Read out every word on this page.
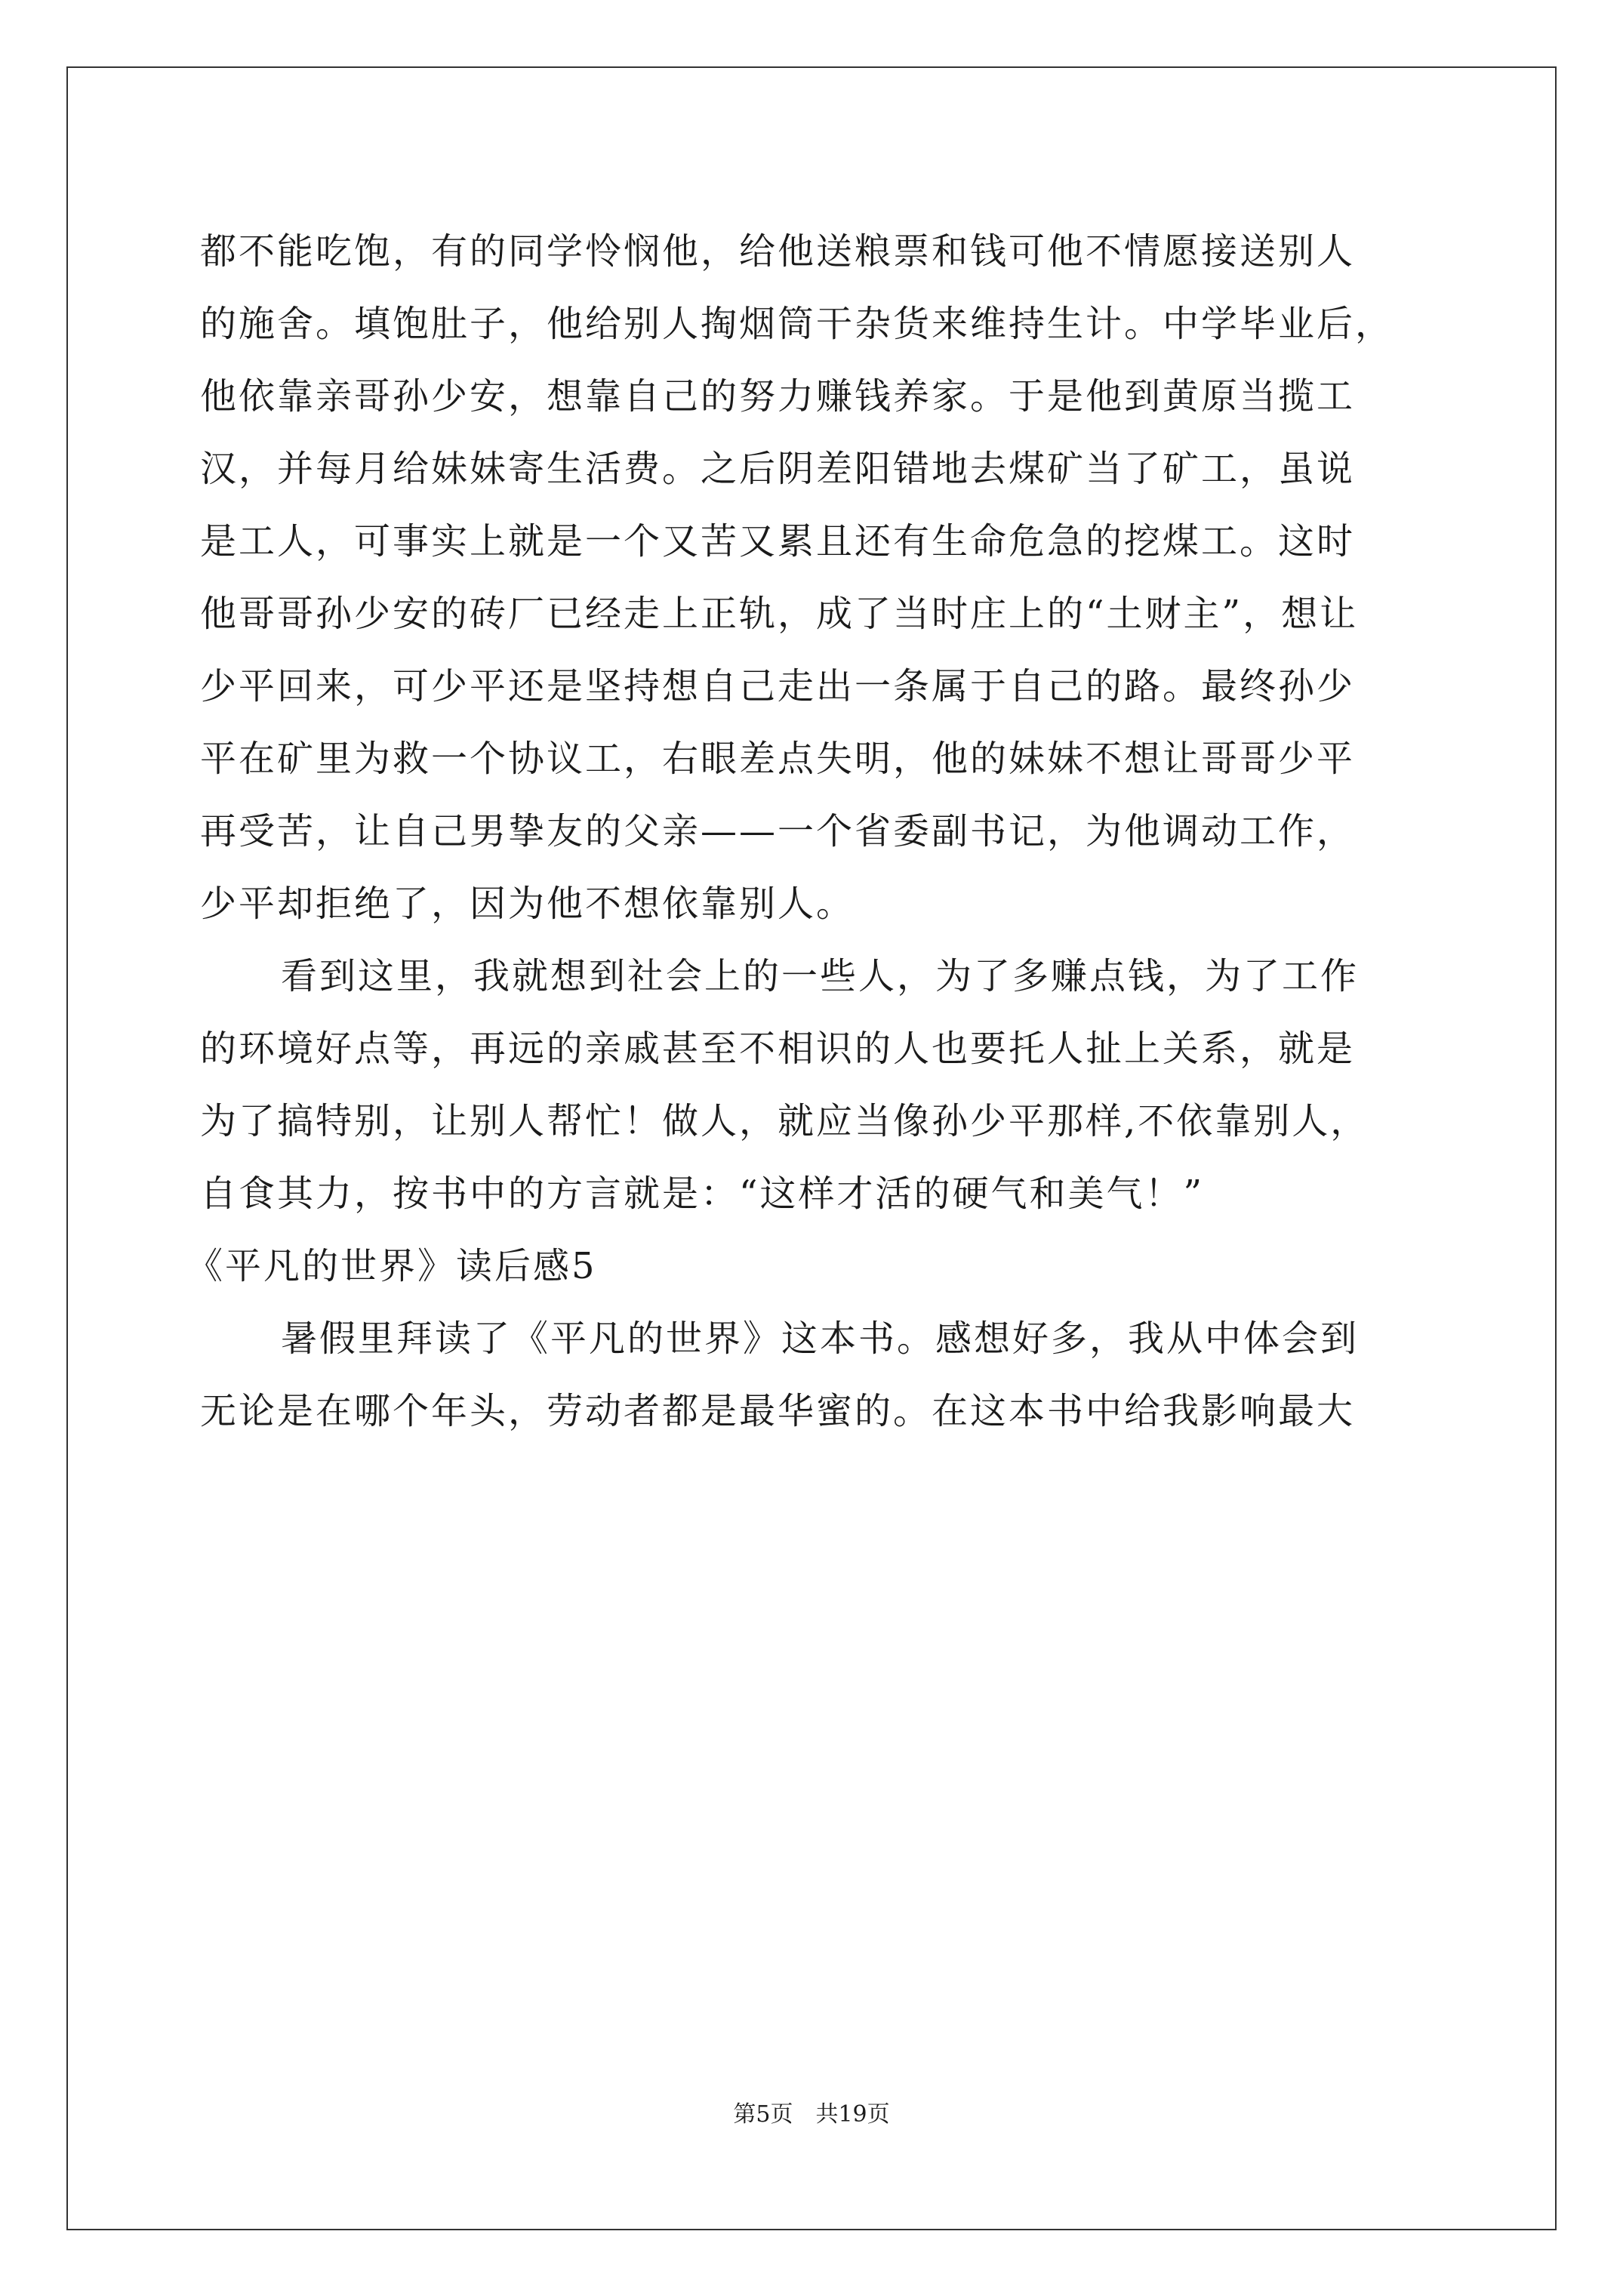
都不能吃饱，有的同学怜悯他，给他送粮票和钱可他不情愿接送别人
的施舍。填饱肚子，他给别人掏烟筒干杂货来维持生计。中学毕业后，
他依靠亲哥孙少安，想靠自己的努力赚钱养家。于是他到黄原当揽工
汉，并每月给妹妹寄生活费。之后阴差阳错地去煤矿当了矿工，虽说
是工人，可事实上就是一个又苦又累且还有生命危急的挖煤工。这时
他哥哥孙少安的砖厂已经走上正轨，成了当时庄上的“土财主”，想让
少平回来，可少平还是坚持想自己走出一条属于自己的路。最终孙少
平在矿里为救一个协议工，右眼差点失明，他的妹妹不想让哥哥少平
再受苦，让自己男挚友的父亲——一个省委副书记，为他调动工作，
少平却拒绝了，因为他不想依靠别人。
看到这里，我就想到社会上的一些人，为了多赚点钱，为了工作
的环境好点等，再远的亲戚甚至不相识的人也要托人扯上关系，就是
为了搞特别，让别人帮忙！做人，就应当像孙少平那样,不依靠别人，
自食其力，按书中的方言就是：“这样才活的硬气和美气！”
《平凡的世界》读后感5
暑假里拜读了《平凡的世界》这本书。感想好多，我从中体会到
无论是在哪个年头，劳动者都是最华蜜的。在这本书中给我影响最大
第5页　共19页
